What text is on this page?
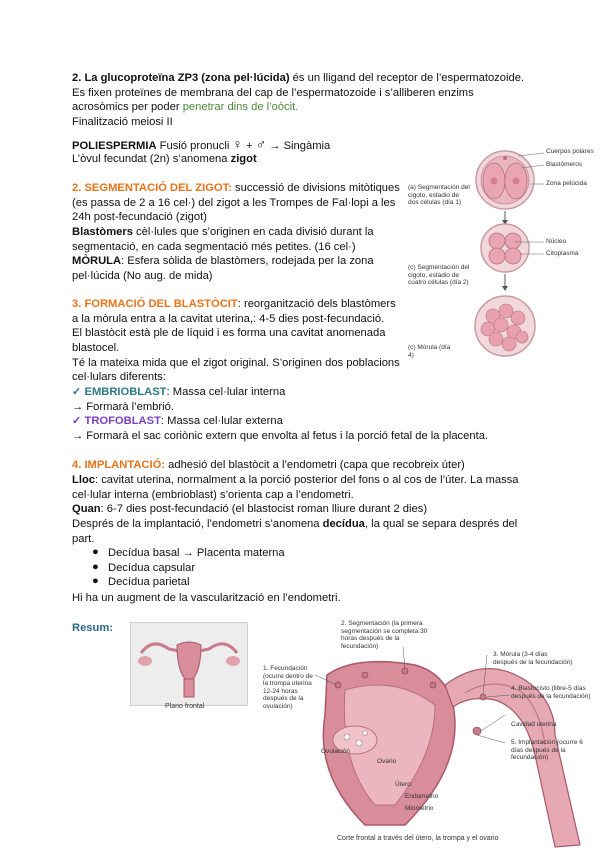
2. La glucoproteïna ZP3 (zona pel·lúcida) és un lligand del receptor de l’espermatozoide.
Es fixen proteïnes de membrana del cap de l’espermatozoide i s’alliberen enzims
acrosòmics per poder penetrar dins de l’oòcit.
Finalització meiosi II
POLIESPERMIA Fusió pronucli ♀ + ♂ → Singàmia
L’òvul fecundat (2n) s’anomena zigot
2. SEGMENTACIÓ DEL ZIGOT: successió de divisions mitòtiques
(es passa de 2 a 16 cel·) del zigot a les Trompes de Fal·lopi a les
24h post-fecundació (zigot)
Blastòmers cèl·lules que s’originen en cada divisió durant la
segmentació, en cada segmentació més petites. (16 cel·)
MÒRULA: Esfera sòlida de blastòmers, rodejada per la zona
pel·lúcida (No aug. de mida)
3. FORMACIÓ DEL BLASTÒCIT: reorganització dels blastòmers
a la mòrula entra a la cavitat uterina,: 4-5 dies post-fecundació.
El blastòcit està ple de líquid i es forma una cavitat anomenada
blastocel.
Té la mateixa mida que el zigot original. S’originen dos poblacions
cel·lulars diferents:
✓ EMBRIOBLAST: Massa cel·lular interna
→ Formarà l’embrió.
✓ TROFOBLAST: Massa cel·lular externa
→ Formarà el sac coriònic extern que envolta al fetus i la porció fetal de la placenta.
4. IMPLANTACIÓ: adhesió del blastòcit a l’endometri (capa que recobreix úter)
Lloc: cavitat uterina, normalment a la porció posterior del fons o al cos de l’úter. La massa
cel·lular interna (embrioblast) s’orienta cap a l’endometri.
Quan: 6-7 dies post-fecundació (el blastocist roman lliure durant 2 dies)
Després de la implantació, l’endometri s’anomena decídua, la qual se separa després del
part.
● Decídua basal → Placenta materna
● Decídua capsular
● Decídua parietal
Hi ha un augment de la vascularització en l’endometri.
Resum:
Cuerpos polares
Blastómeros
Zona pelúcida
Núcleo
Citoplasma
(a) Segmentación del cigoto, estadio de dos células (día 1)
(c) Segmentación del cigoto, estadio de cuatro células (día 2)
(c) Mórula (día 4)
Plano frontal
1. Fecundación (ocurre dentro de la trompa uterina 12-24 horas después de la ovulación)
2. Segmentación (la primera segmentación se completa 30 horas después de la fecundación)
3. Mórula (3-4 días después de la fecundación)
4. Blastocisto (libre-5 días después de la fecundación)
Cavidad uterina
5. Implantación (ocurre 6 días después de la fecundación)
Ovulación
Ovario
Útero:
Endometrio
Miometrio
Corte frontal a través del útero, la trompa y el ovario
